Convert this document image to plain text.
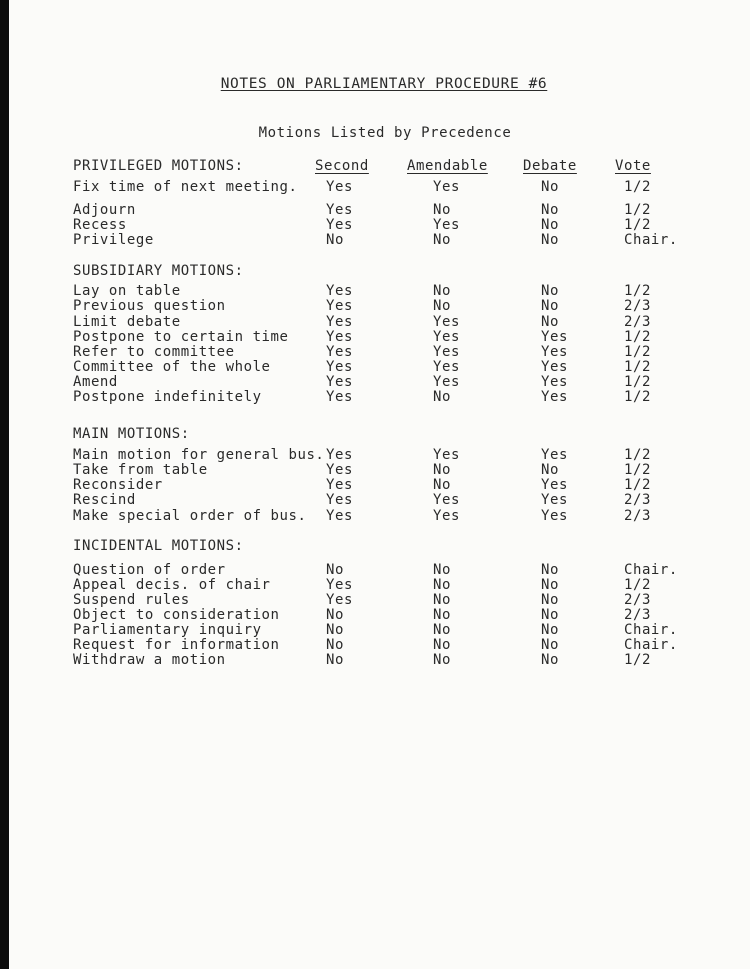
NOTES ON PARLIAMENTARY PROCEDURE #6
Motions Listed by Precedence
PRIVILEGED MOTIONS:	Second	Amendable	Debate	Vote
Fix time of next meeting. Yes	Yes	No	1/2
Adjourn	Yes	No	No	1/2
Recess	Yes	Yes	No	1/2
Privilege	No	No	No	Chair.
SUBSIDIARY MOTIONS:
Lay on table	Yes	No	No	1/2
Previous question	Yes	No	No	2/3
Limit debate	Yes	Yes	No	2/3
Postpone to certain time	Yes	Yes	Yes	1/2
Refer to committee	Yes	Yes	Yes	1/2
Committee of the whole	Yes	Yes	Yes	1/2
Amend	Yes	Yes	Yes	1/2
Postpone indefinitely	Yes	No	Yes	1/2
MAIN MOTIONS:
Main motion for general bus. Yes	Yes	Yes	1/2
Take from table	Yes	No	No	1/2
Reconsider	Yes	No	Yes	1/2
Rescind	Yes	Yes	Yes	2/3
Make special order of bus. Yes	Yes	Yes	2/3
INCIDENTAL MOTIONS:
Question of order	No	No	No	Chair.
Appeal decis. of chair	Yes	No	No	1/2
Suspend rules	Yes	No	No	2/3
Object to consideration	No	No	No	2/3
Parliamentary inquiry	No	No	No	Chair.
Request for information	No	No	No	Chair.
Withdraw a motion	No	No	No	1/2
